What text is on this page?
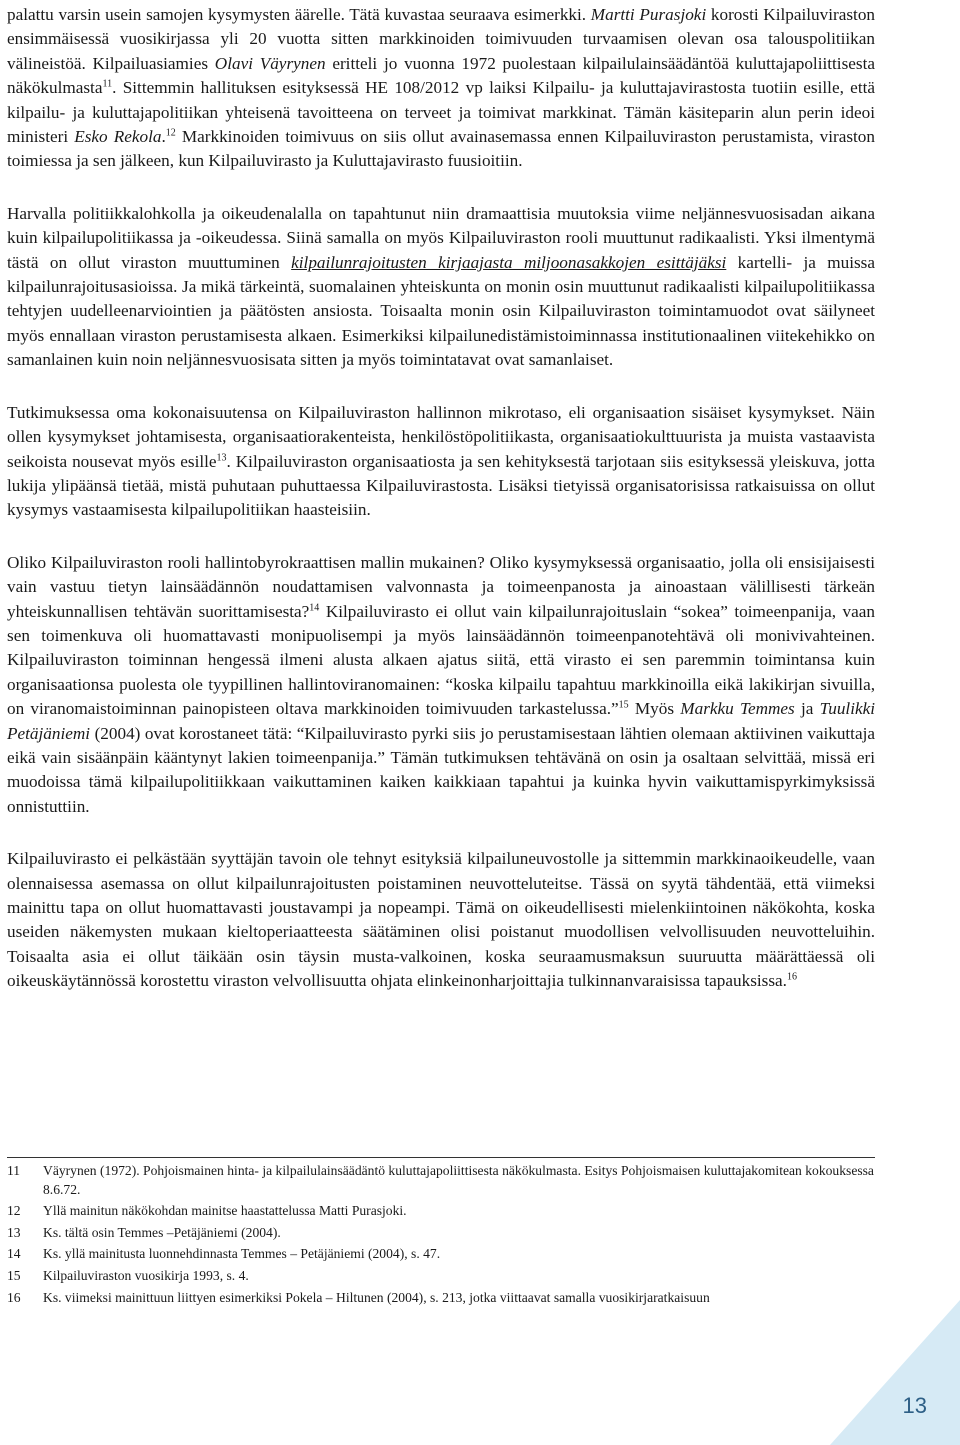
palattu varsin usein samojen kysymysten äärelle. Tätä kuvastaa seuraava esimerkki. Martti Purasjoki korosti Kilpailuviraston ensimmäisessä vuosikirjassa yli 20 vuotta sitten markkinoiden toimivuuden turvaamisen olevan osa talouspolitiikan välineistöä. Kilpailuasiamies Olavi Väyrynen eritteli jo vuonna 1972 puolestaan kilpailulainsäädäntöä kuluttajapoliittisesta näkökulmasta$^{11}$. Sittemmin hallituksen esityksessä HE 108/2012 vp laiksi Kilpailu- ja kuluttajavirastosta tuotiin esille, että kilpailu- ja kuluttajapolitiikan yhteisenä tavoitteena on terveet ja toimivat markkinat. Tämän käsiteparin alun perin ideoi ministeri Esko Rekola.$^{12}$ Markkinoiden toimivuus on siis ollut avainasemassa ennen Kilpailuviraston perustamista, viraston toimiessa ja sen jälkeen, kun Kilpailuvirasto ja Kuluttajavirasto fuusioitiin.

Harvalla politiikkalohkolla ja oikeudenalalla on tapahtunut niin dramaattisia muutoksia viime neljännesvuosisadan aikana kuin kilpailupolitiikassa ja -oikeudessa. Siinä samalla on myös Kilpailuviraston rooli muuttunut radikaalisti. Yksi ilmentymä tästä on ollut viraston muuttuminen kilpailunrajoitusten kirjaajasta miljoonasakkojen esittäjäksi kartelli- ja muissa kilpailunrajoitusasioissa. Ja mikä tärkeintä, suomalainen yhteiskunta on monin osin muuttunut radikaalisti kilpailupolitiikassa tehtyjen uudelleenarviointien ja päätösten ansiosta. Toisaalta monin osin Kilpailuviraston toimintamuodot ovat säilyneet myös ennallaan viraston perustamisesta alkaen. Esimerkiksi kilpailunedistämistoiminnassa institutionaalinen viitekehikko on samanlainen kuin noin neljännesvuosisata sitten ja myös toimintatavat ovat samanlaiset.

Tutkimuksessa oma kokonaisuutensa on Kilpailuviraston hallinnon mikrotaso, eli organisaation sisäiset kysymykset. Näin ollen kysymykset johtamisesta, organisaatiorakenteista, henkilöstöpolitiikasta, organisaatiokulttuurista ja muista vastaavista seikoista nousevat myös esille$^{13}$. Kilpailuviraston organisaatiosta ja sen kehityksestä tarjotaan siis esityksessä yleiskuva, jotta lukija ylipäänsä tietää, mistä puhutaan puhuttaessa Kilpailuvirastosta. Lisäksi tietyissä organisatorisissa ratkaisuissa on ollut kysymys vastaamisesta kilpailupolitiikan haasteisiin.

Oliko Kilpailuviraston rooli hallintobyrokraattisen mallin mukainen? Oliko kysymyksessä organisaatio, jolla oli ensisijaisesti vain vastuu tietyn lainsäädännön noudattamisen valvonnasta ja toimeenpanosta ja ainoastaan välillisesti tärkeän yhteiskunnallisen tehtävän suorittamisesta?$^{14}$ Kilpailuvirasto ei ollut vain kilpailunrajoituslain “sokea” toimeenpanija, vaan sen toimenkuva oli huomattavasti monipuolisempi ja myös lainsäädännön toimeenpanotehtävä oli monivivahteinen. Kilpailuviraston toiminnan hengessä ilmeni alusta alkaen ajatus siitä, että virasto ei sen paremmin toimintansa kuin organisaationsa puolesta ole tyypillinen hallintoviranomainen: “koska kilpailu tapahtuu markkinoilla eikä lakikirjan sivuilla, on viranomaistoiminnan painopisteen oltava markkinoiden toimivuuden tarkastelussa.”$^{15}$ Myös Markku Temmes ja Tuulikki Petäjäniemi (2004) ovat korostaneet tätä: “Kilpailuvirasto pyrki siis jo perustamisestaan lähtien olemaan aktiivinen vaikuttaja eikä vain sisäänpäin kääntynyt lakien toimeenpanija.” Tämän tutkimuksen tehtävänä on osin ja osaltaan selvittää, missä eri muodoissa tämä kilpailupolitiikkaan vaikuttaminen kaiken kaikkiaan tapahtui ja kuinka hyvin vaikuttamispyrkimyksissä onnistuttiin.

Kilpailuvirasto ei pelkästään syyttäjän tavoin ole tehnyt esityksiä kilpailuneuvostolle ja sittemmin markkinaoikeudelle, vaan olennaisessa asemassa on ollut kilpailunrajoitusten poistaminen neuvotteluteitse. Tässä on syytä tähdentää, että viimeksi mainittu tapa on ollut huomattavasti joustavampi ja nopeampi. Tämä on oikeudellisesti mielenkiintoinen näkökohta, koska useiden näkemysten mukaan kieltoperiaatteesta säätäminen olisi poistanut muodollisen velvollisuuden neuvotteluihin. Toisaalta asia ei ollut täikään osin täysin musta-valkoinen, koska seuraamusmaksun suuruutta määrättäessä oli oikeuskäytännössä korostettu viraston velvollisuutta ohjata elinkeinonharjoittajia tulkinnanvaraisissa tapauksissa.$^{16}$

11	Väyrynen (1972). Pohjoismainen hinta- ja kilpailulainsäädäntö kuluttajapoliittisesta näkökulmasta. Esitys Pohjoismaisen kuluttajakomitean kokouksessa 8.6.72.
12	Yllä mainitun näkökohdan mainitse haastattelussa Matti Purasjoki.
13	Ks. tältä osin Temmes –Petäjäniemi (2004).
14	Ks. yllä mainitusta luonnehdinnasta Temmes – Petäjäniemi (2004), s. 47.
15	Kilpailuviraston vuosikirja 1993, s. 4.
16	Ks. viimeksi mainittuun liittyen esimerkiksi Pokela – Hiltunen (2004), s. 213, jotka viittaavat samalla vuosikirjaratkaisuun
13
